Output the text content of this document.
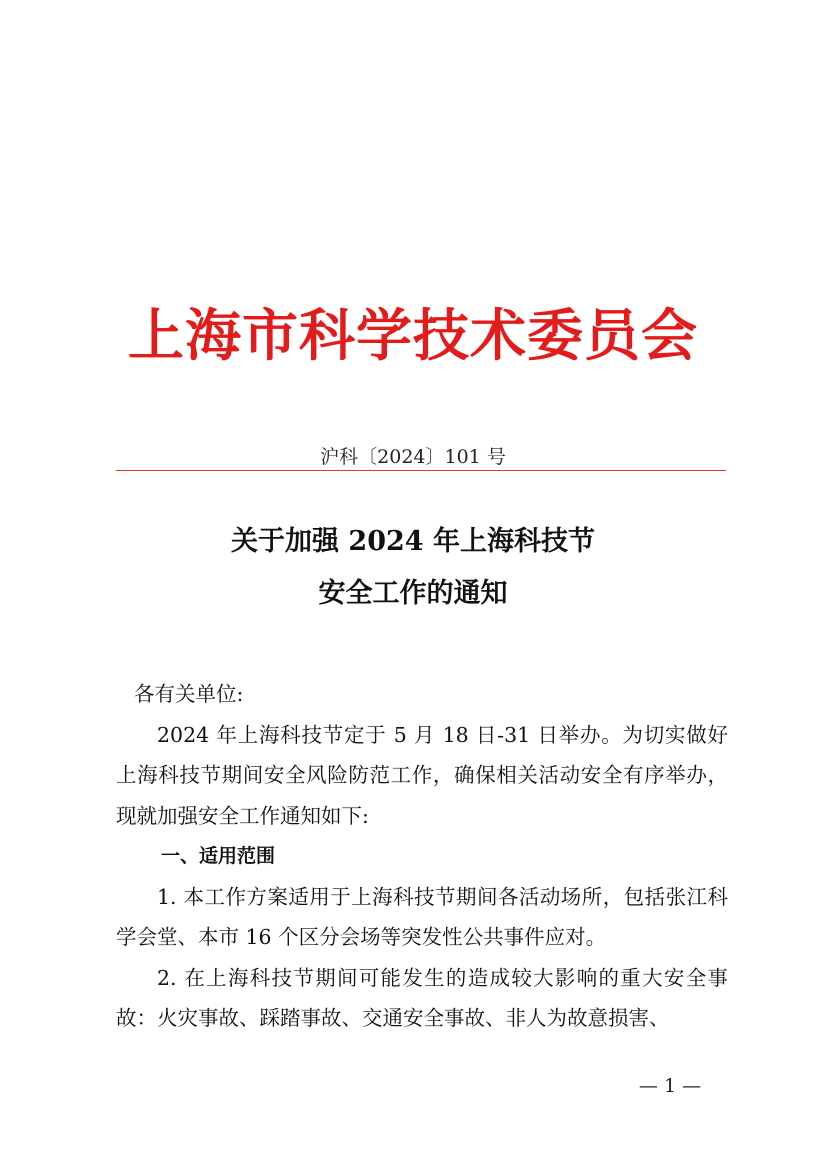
上海市科学技术委员会
沪科〔2024〕101 号
关于加强 2024 年上海科技节
安全工作的通知

各有关单位:

2024 年上海科技节定于 5 月 18 日-31 日举办。为切实做好上海科技节期间安全风险防范工作，确保相关活动安全有序举办，现就加强安全工作通知如下:

一、适用范围

1. 本工作方案适用于上海科技节期间各活动场所，包括张江科学会堂、本市 16 个区分会场等突发性公共事件应对。

2. 在上海科技节期间可能发生的造成较大影响的重大安全事故：火灾事故、踩踏事故、交通安全事故、非人为故意损害、

— 1 —
